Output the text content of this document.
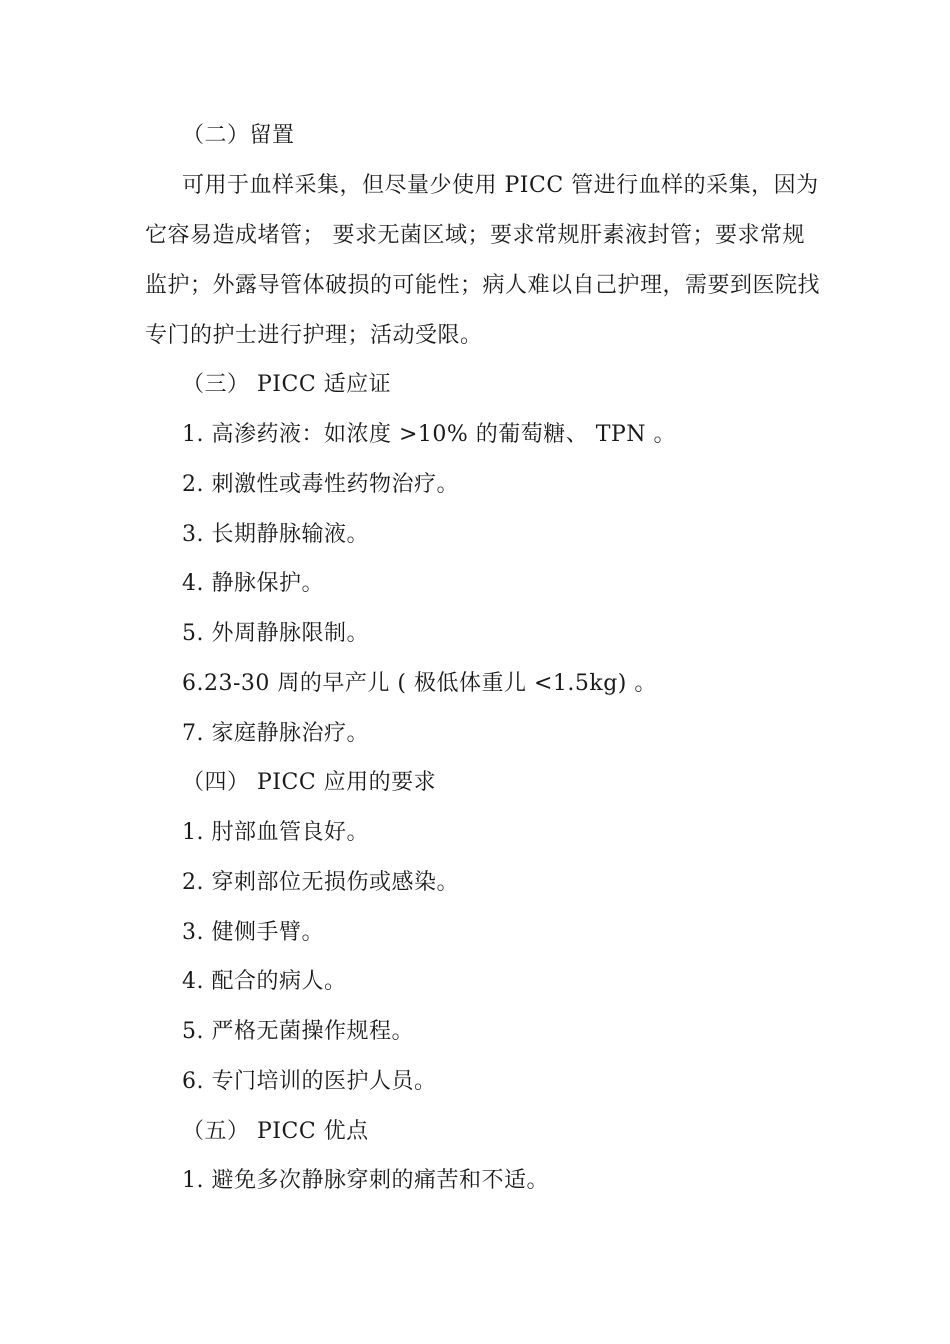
（二）留置
可用于血样采集，但尽量少使用 PICC 管进行血样的采集，因为
它容易造成堵管； 要求无菌区域；要求常规肝素液封管；要求常规
监护；外露导管体破损的可能性；病人难以自己护理，需要到医院找
专门的护士进行护理；活动受限。
（三） PICC 适应证
1. 高渗药液：如浓度 >10% 的葡萄糖、 TPN 。
2. 刺激性或毒性药物治疗。
3. 长期静脉输液。
4. 静脉保护。
5. 外周静脉限制。
6.23-30 周的早产儿 ( 极低体重儿 <1.5kg) 。
7. 家庭静脉治疗。
（四） PICC 应用的要求
1. 肘部血管良好。
2. 穿刺部位无损伤或感染。
3. 健侧手臂。
4. 配合的病人。
5. 严格无菌操作规程。
6. 专门培训的医护人员。
（五） PICC 优点
1. 避免多次静脉穿刺的痛苦和不适。
